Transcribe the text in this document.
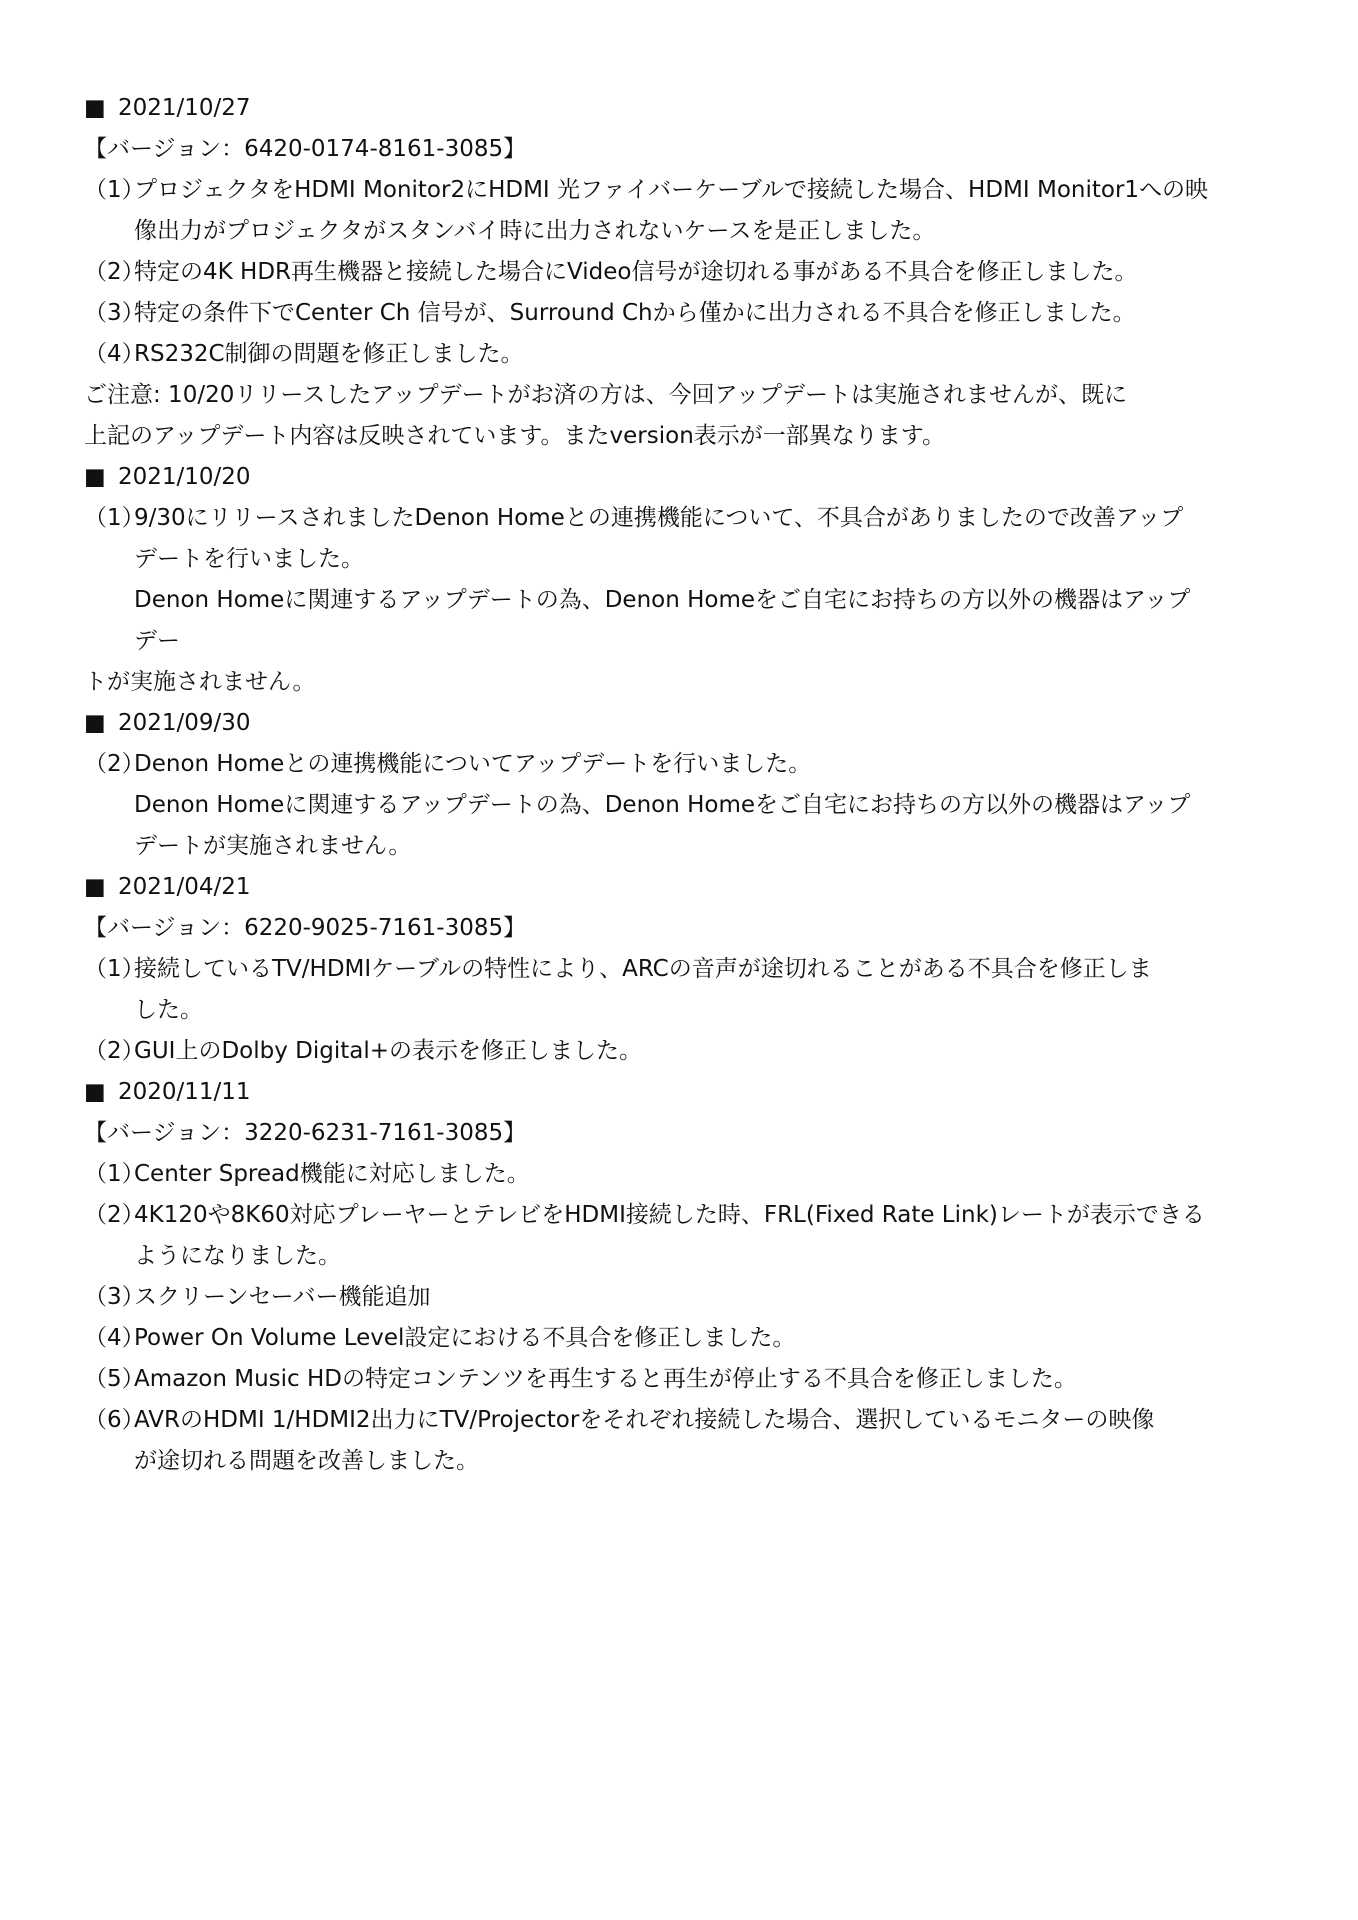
■ 2021/10/27
【バージョン：6420-0174-8161-3085】
（1）
プロジェクタをHDMI Monitor2にHDMI 光ファイバーケーブルで接続した場合、HDMI Monitor1への映
像出力がプロジェクタがスタンバイ時に出力されないケースを是正しました。
（2）
特定の4K HDR再生機器と接続した場合にVideo信号が途切れる事がある不具合を修正しました。
（3）
特定の条件下でCenter Ch 信号が、Surround Chから僅かに出力される不具合を修正しました。
（4）
RS232C制御の問題を修正しました。
ご注意: 10/20リリースしたアップデートがお済の方は、今回アップデートは実施されませんが、既に
上記のアップデート内容は反映されています。またversion表示が一部異なります。
■ 2021/10/20
（1）
9/30にリリースされましたDenon Homeとの連携機能について、不具合がありましたので改善アップ
デートを行いました。
Denon Homeに関連するアップデートの為、Denon Homeをご自宅にお持ちの方以外の機器はアップ
デー
トが実施されません。
■ 2021/09/30
（2）
Denon Homeとの連携機能についてアップデートを行いました。
Denon Homeに関連するアップデートの為、Denon Homeをご自宅にお持ちの方以外の機器はアップ
デートが実施されません。
■ 2021/04/21
【バージョン：6220-9025-7161-3085】
（1）
接続しているTV/HDMIケーブルの特性により、ARCの音声が途切れることがある不具合を修正しま
した。
（2）
GUI上のDolby Digital+の表示を修正しました。
■ 2020/11/11
【バージョン：3220-6231-7161-3085】
（1）
Center Spread機能に対応しました。
（2）
4K120や8K60対応プレーヤーとテレビをHDMI接続した時、FRL(Fixed Rate Link)レートが表示できる
ようになりました。
（3）
スクリーンセーバー機能追加
（4）
Power On Volume Level設定における不具合を修正しました。
（5）
Amazon Music HDの特定コンテンツを再生すると再生が停止する不具合を修正しました。
（6）
AVRのHDMI 1/HDMI2出力にTV/Projectorをそれぞれ接続した場合、選択しているモニターの映像
が途切れる問題を改善しました。
